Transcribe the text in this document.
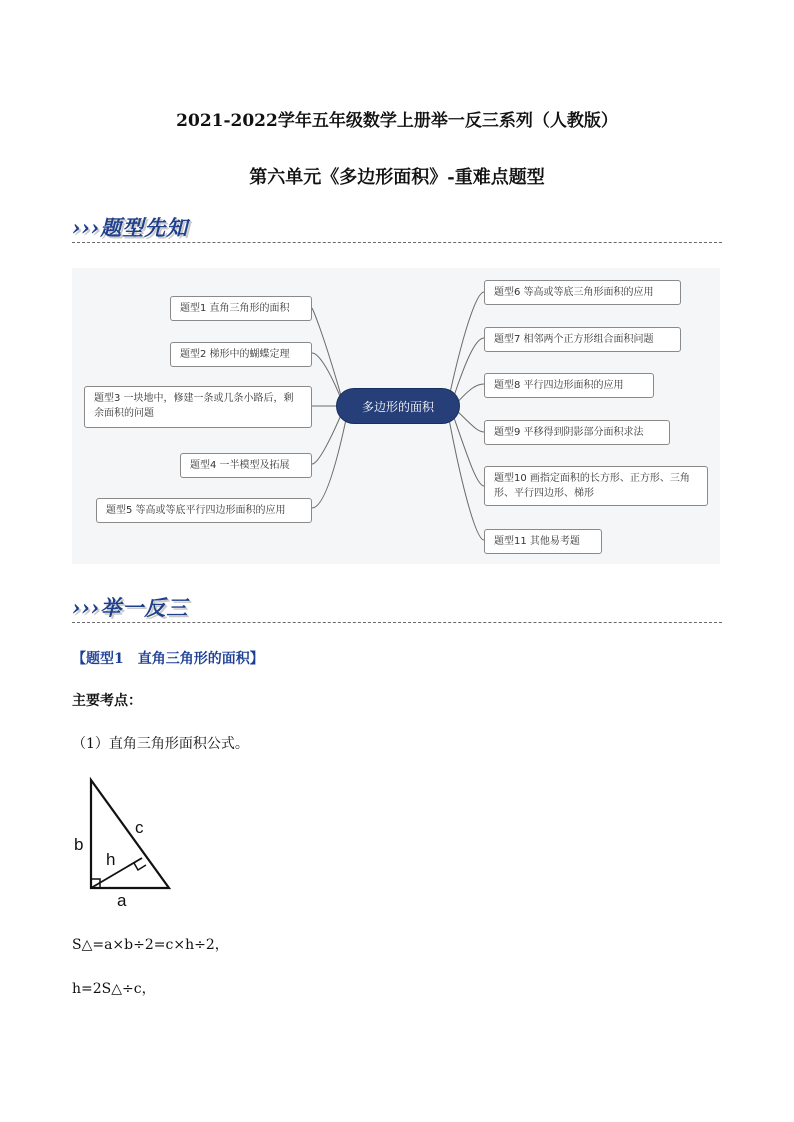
2021-2022学年五年级数学上册举一反三系列（人教版）
第六单元《多边形面积》-重难点题型
›››题型先知
多边形的面积
题型1 直角三角形的面积
题型2 梯形中的蝴蝶定理
题型3 一块地中，修建一条或几条小路后，剩余面积的问题
题型4 一半模型及拓展
题型5 等高或等底平行四边形面积的应用
题型6 等高或等底三角形面积的应用
题型7 相邻两个正方形组合面积问题
题型8 平行四边形面积的应用
题型9 平移得到阴影部分面积求法
题型10 画指定面积的长方形、正方形、三角形、平行四边形、梯形
题型11 其他易考题
›››举一反三
【题型1　直角三角形的面积】
主要考点：
（1）直角三角形面积公式。
b
c
h
a
S△=a×b÷2=c×h÷2，
h=2S△÷c，
